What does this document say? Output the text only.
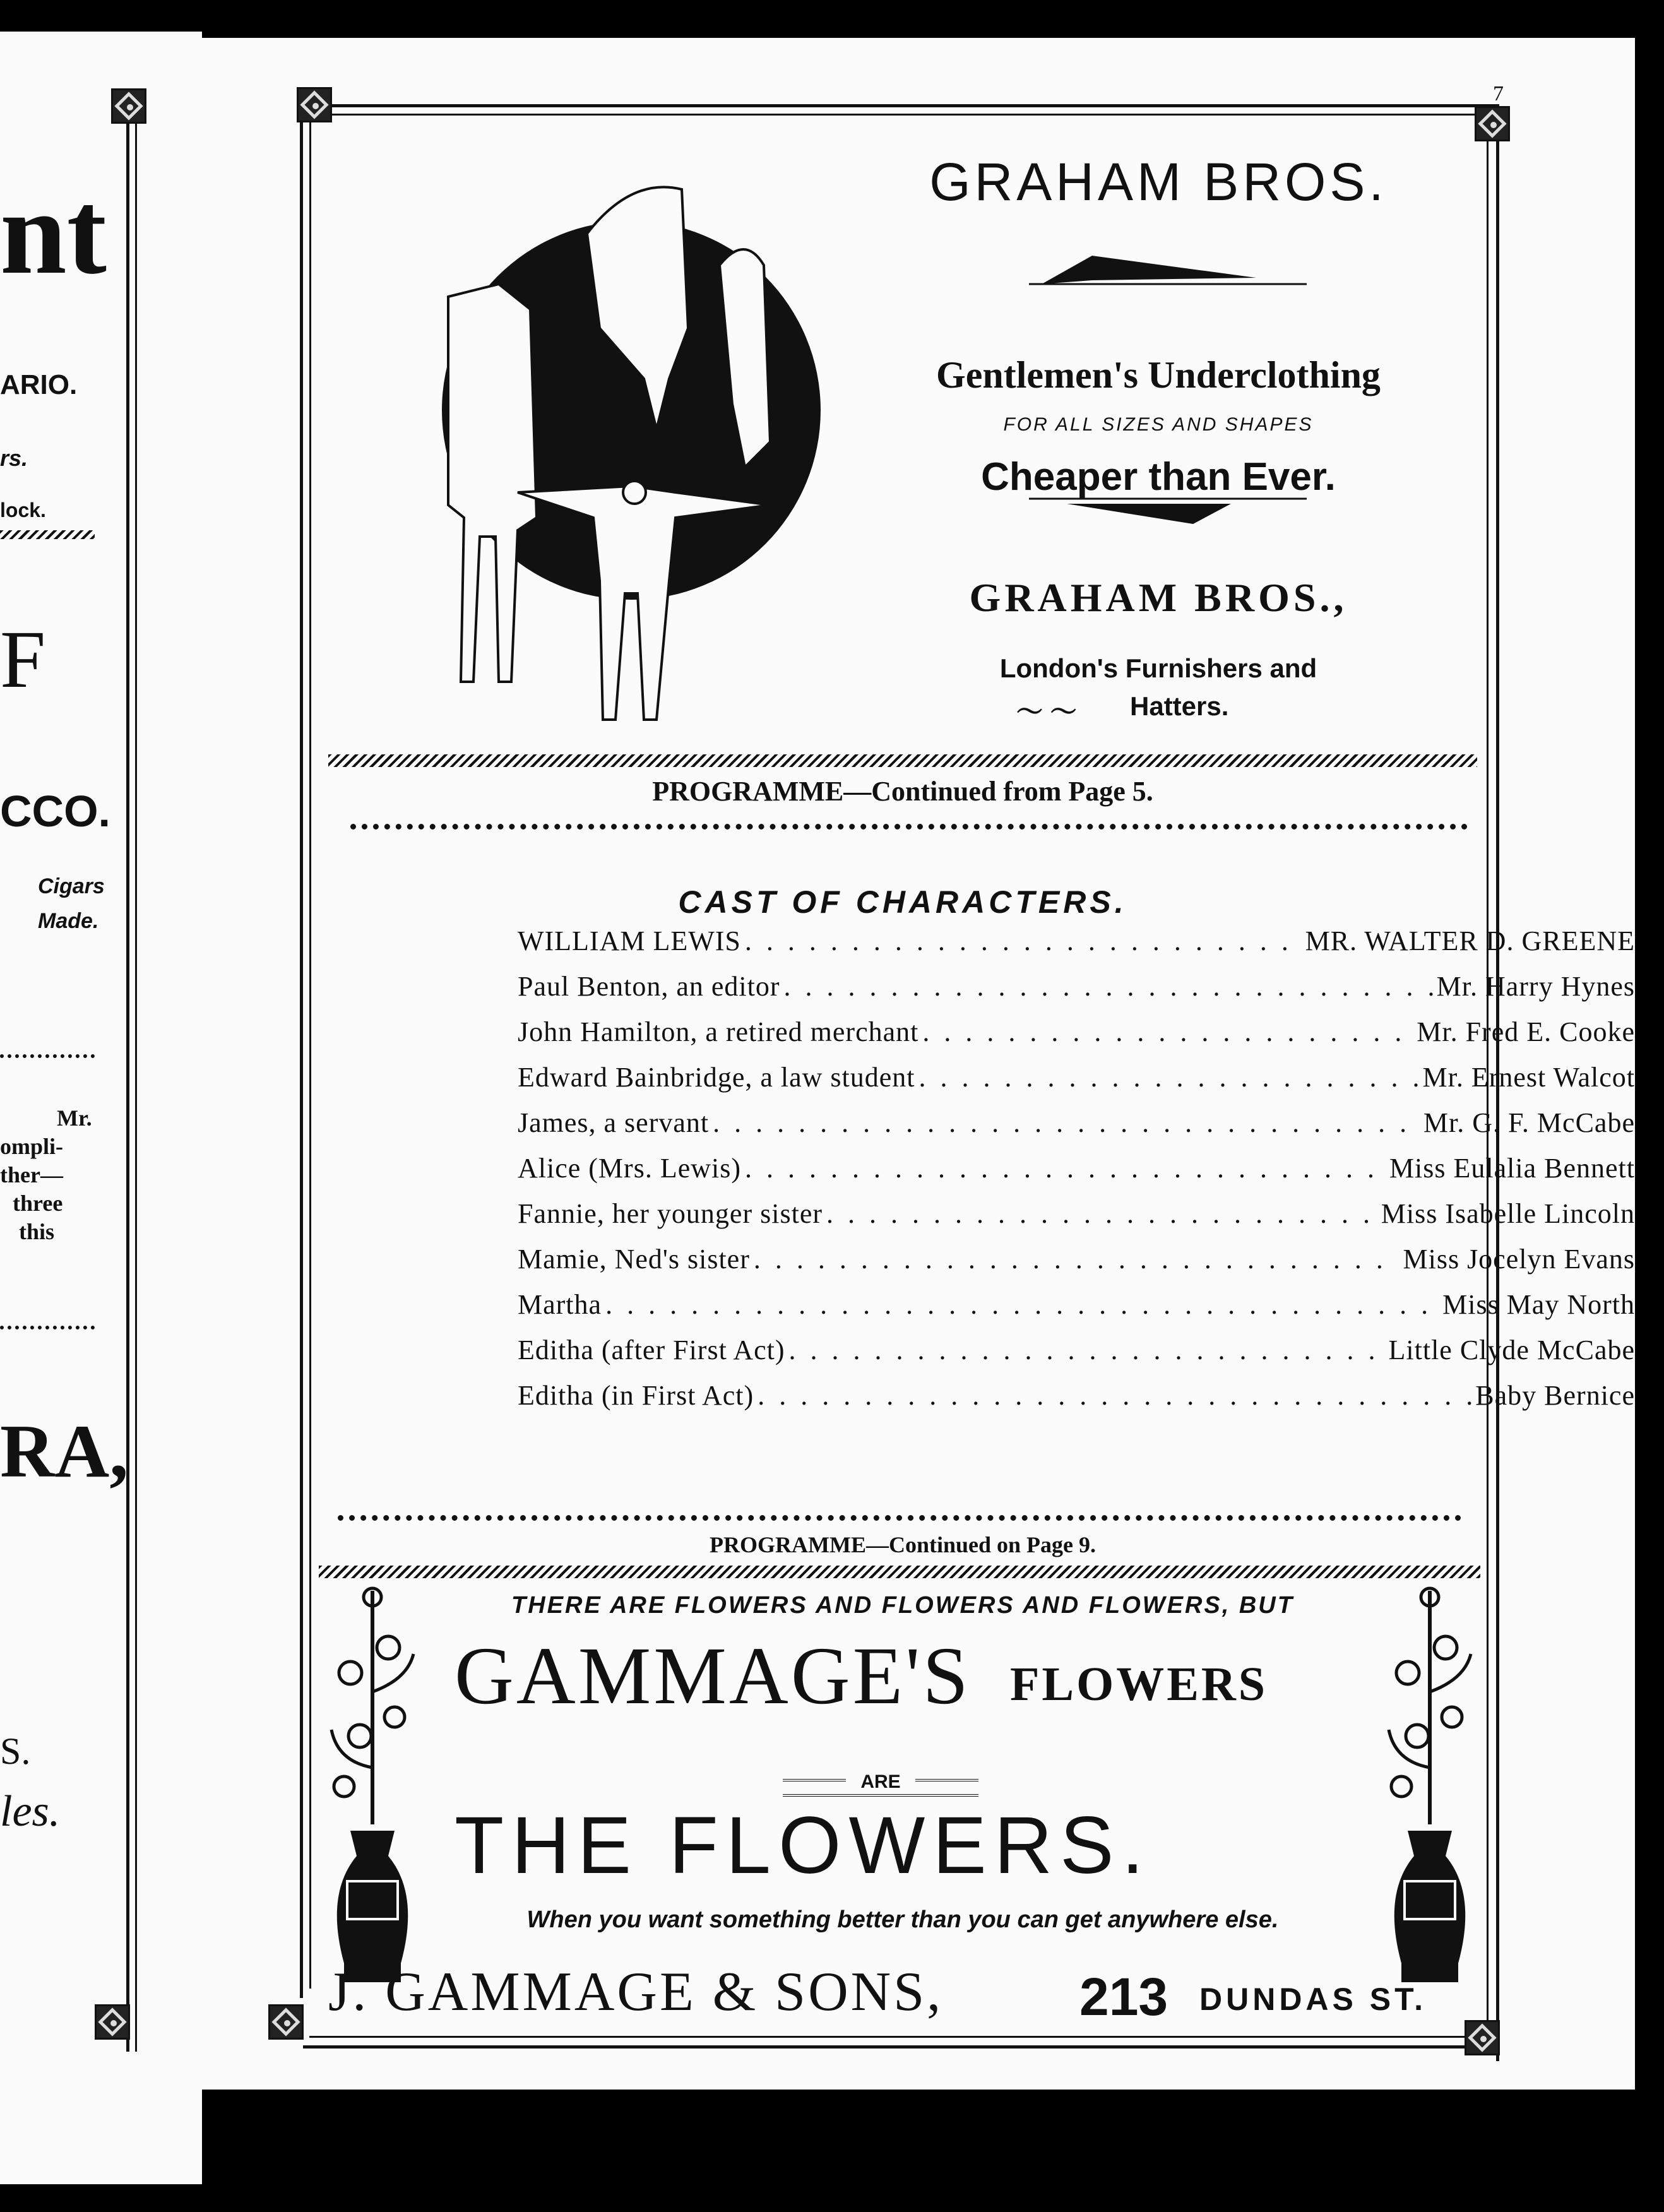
nt
ARIO.
rs.
lock.
F
CCO.
Cigars
Made.
Mr.
ompli-
ther—
three
this
RA,
S.
les.
7
GRAHAM BROS.
Gentlemen's Underclothing
FOR ALL SIZES AND SHAPES
Cheaper than Ever.
GRAHAM BROS.,
London's Furnishers and
〜 〜 Hatters.
PROGRAMME—Continued from Page 5.
CAST OF CHARACTERS.
WILLIAM LEWIS . . .	MR. WALTER D. GREENE
Paul Benton, an editor . . .	Mr. Harry Hynes
John Hamilton, a retired merchant . . .	Mr. Fred E. Cooke
Edward Bainbridge, a law student . . .	Mr. Ernest Walcot
James, a servant . . .	Mr. G. F. McCabe
Alice (Mrs. Lewis) . . .	Miss Eulalia Bennett
Fannie, her younger sister . . .	Miss Isabelle Lincoln
Mamie, Ned's sister . . .	Miss Jocelyn Evans
Martha . . .	Miss May North
Editha (after First Act) . . .	Little Clyde McCabe
Editha (in First Act) . . .	Baby Bernice
PROGRAMME—Continued on Page 9.
THERE ARE FLOWERS AND FLOWERS AND FLOWERS, BUT
GAMMAGE'S FLOWERS
ARE
THE FLOWERS.
When you want something better than you can get anywhere else.
J. GAMMAGE & SONS,	213 DUNDAS ST.
